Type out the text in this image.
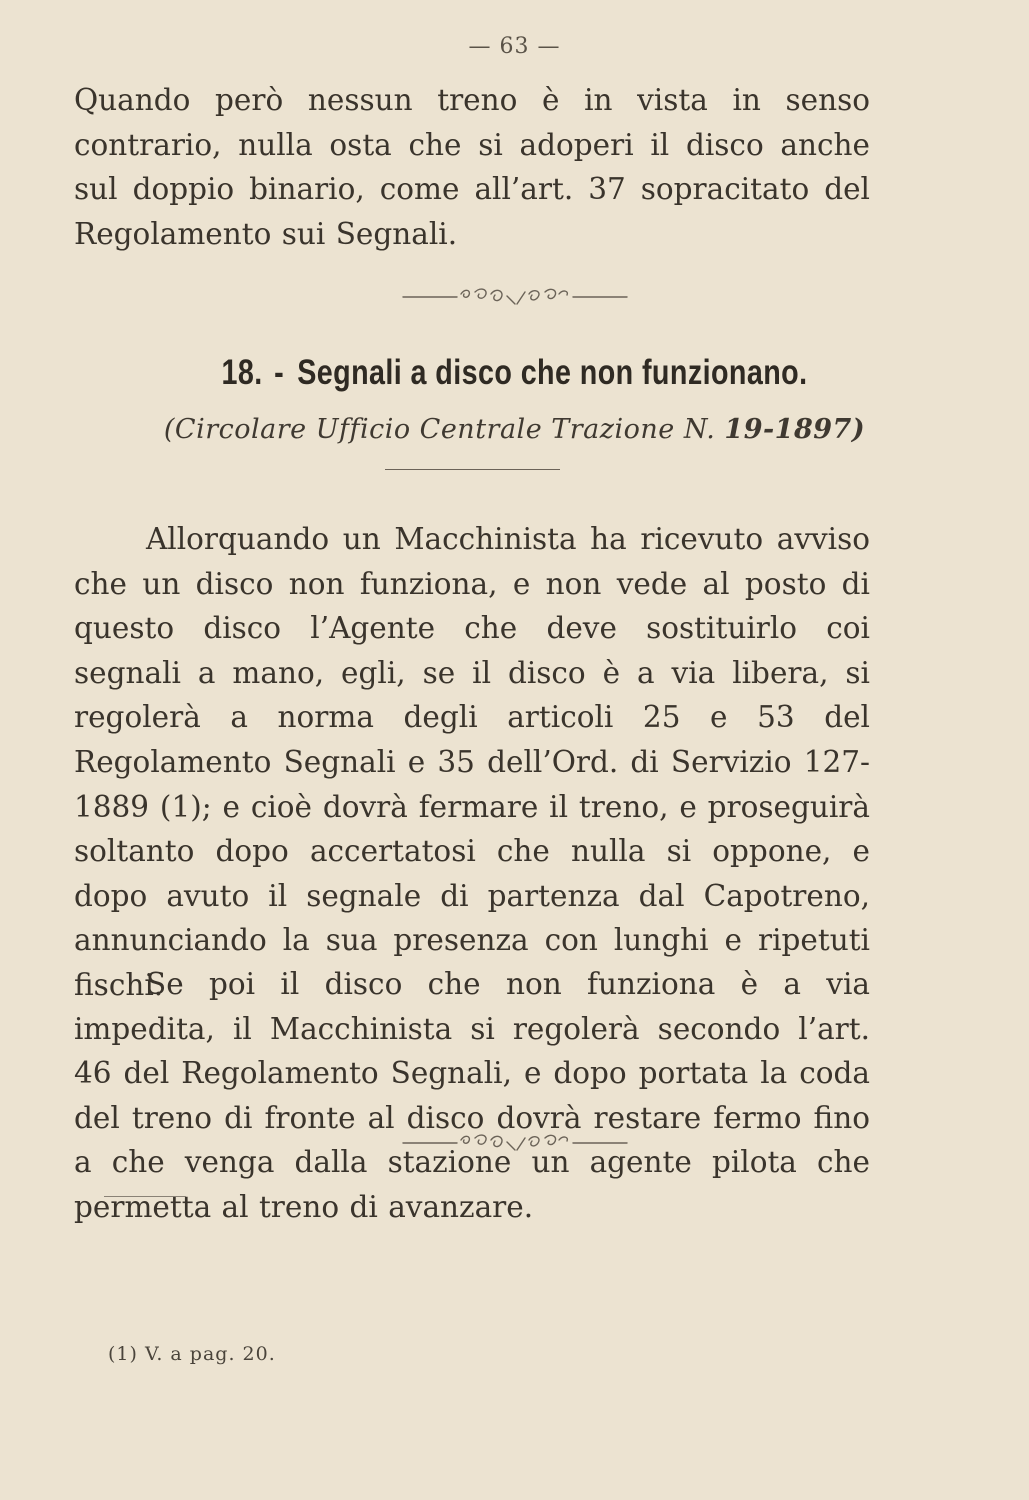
— 63 —

Quando però nessun treno è in vista in senso contrario, nulla osta che si adoperi il disco anche sul doppio binario, come all’art. 37 sopracitato del Regolamento sui Segnali.

18. - Segnali a disco che non funzionano.
(Circolare Ufficio Centrale Trazione N. 19-1897)

Allorquando un Macchinista ha ricevuto avviso che un disco non funziona, e non vede al posto di questo disco l’Agente che deve sostituirlo coi segnali a mano, egli, se il disco è a via libera, si regolerà a norma degli articoli 25 e 53 del Regolamento Segnali e 35 dell’Ord. di Servizio 127-1889 (1); e cioè dovrà fermare il treno, e proseguirà soltanto dopo accertatosi che nulla si oppone, e dopo avuto il segnale di partenza dal Capotreno, annunciando la sua presenza con lunghi e ripetuti fischi.

Se poi il disco che non funziona è a via impedita, il Macchinista si regolerà secondo l’art. 46 del Regolamento Segnali, e dopo portata la coda del treno di fronte al disco dovrà restare fermo fino a che venga dalla stazione un agente pilota che permetta al treno di avanzare.

(1) V. a pag. 20.
